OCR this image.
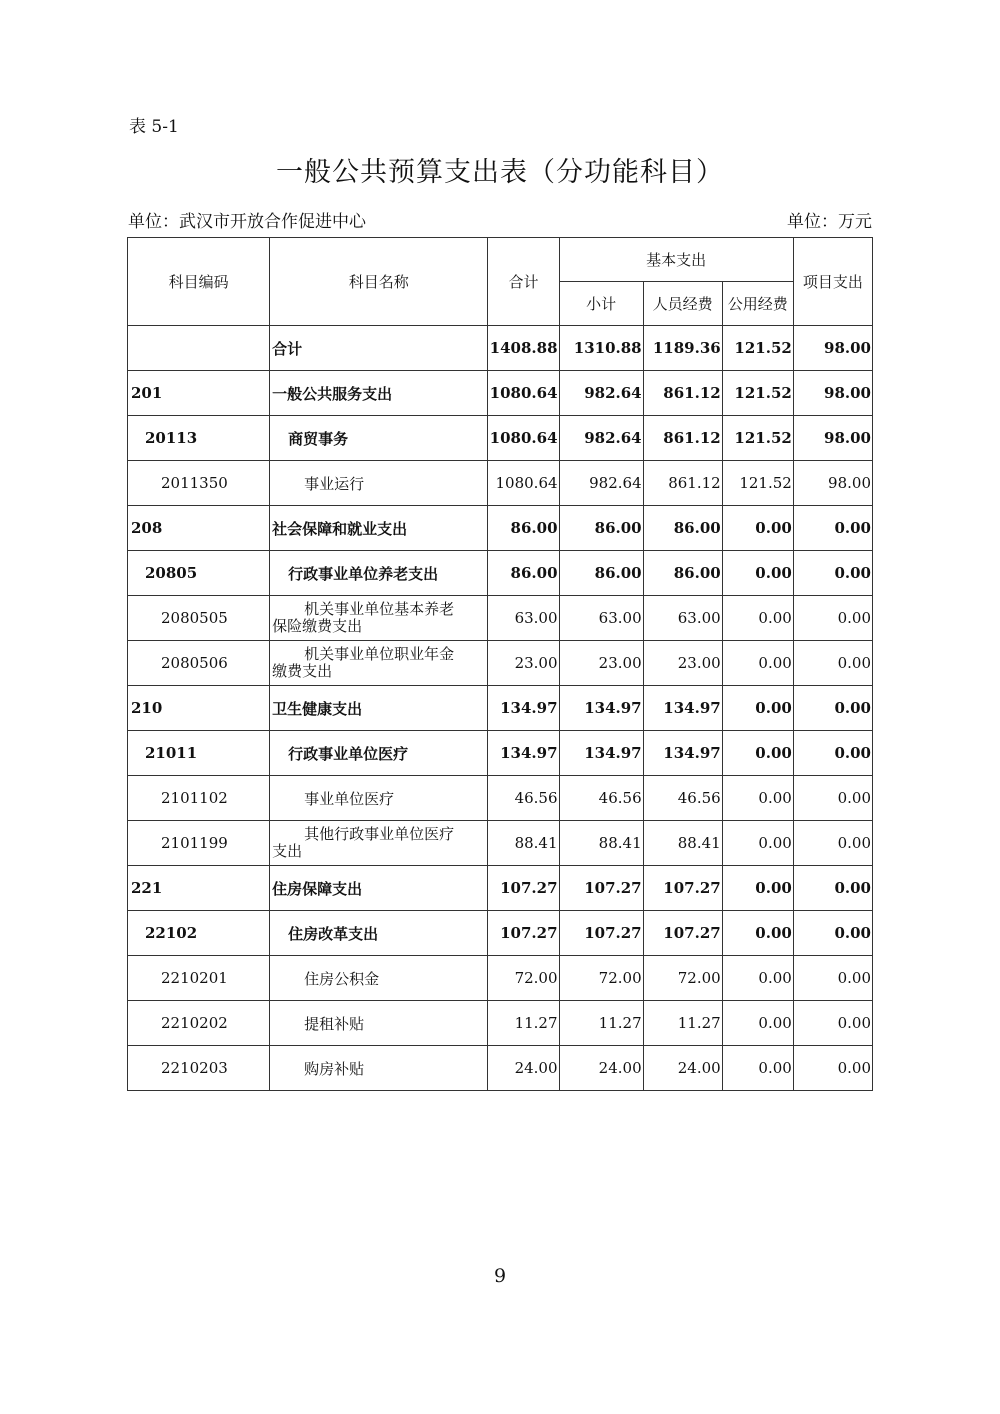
表 5-1
一般公共预算支出表（分功能科目）
单位：武汉市开放合作促进中心	单位：万元
科目编码	科目名称	合计	基本支出			项目支出
			小计	人员经费	公用经费	
	合计	1408.88	1310.88	1189.36	121.52	98.00
201	一般公共服务支出	1080.64	982.64	861.12	121.52	98.00
20113	商贸事务	1080.64	982.64	861.12	121.52	98.00
2011350	事业运行	1080.64	982.64	861.12	121.52	98.00
208	社会保障和就业支出	86.00	86.00	86.00	0.00	0.00
20805	行政事业单位养老支出	86.00	86.00	86.00	0.00	0.00
2080505	机关事业单位基本养老
保险缴费支出	63.00	63.00	63.00	0.00	0.00
2080506	机关事业单位职业年金
缴费支出	23.00	23.00	23.00	0.00	0.00
210	卫生健康支出	134.97	134.97	134.97	0.00	0.00
21011	行政事业单位医疗	134.97	134.97	134.97	0.00	0.00
2101102	事业单位医疗	46.56	46.56	46.56	0.00	0.00
2101199	其他行政事业单位医疗
支出	88.41	88.41	88.41	0.00	0.00
221	住房保障支出	107.27	107.27	107.27	0.00	0.00
22102	住房改革支出	107.27	107.27	107.27	0.00	0.00
2210201	住房公积金	72.00	72.00	72.00	0.00	0.00
2210202	提租补贴	11.27	11.27	11.27	0.00	0.00
2210203	购房补贴	24.00	24.00	24.00	0.00	0.00
9
